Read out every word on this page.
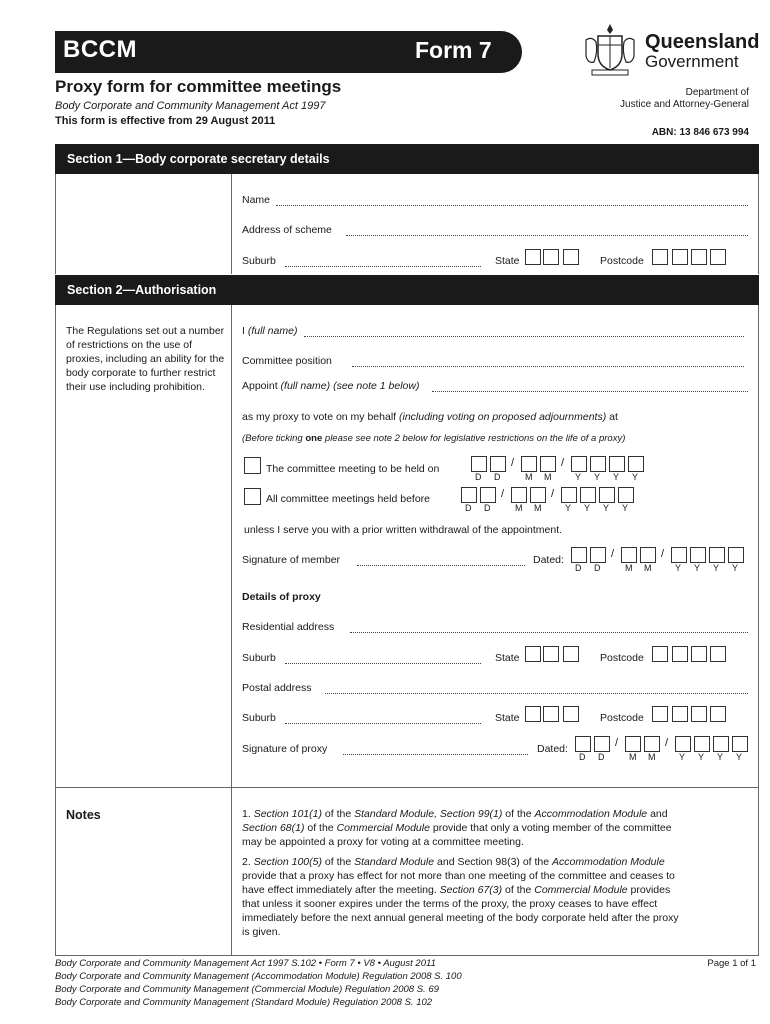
BCCM	Form 7	Queensland
Government
Proxy form for committee meetings
Body Corporate and Community Management Act 1997
This form is effective from 29 August 2011
Department of
Justice and Attorney-General
ABN: 13 846 673 994
Section 1—Body corporate secretary details
Name
Address of scheme
Suburb	State	Postcode
Section 2—Authorisation
The Regulations set out a number of restrictions on the use of proxies, including an ability for the body corporate to further restrict their use including prohibition.
I (full name)
Committee position
Appoint (full name) (see note 1 below)
as my proxy to vote on my behalf (including voting on proposed adjournments) at
(Before ticking one please see note 2 below for legislative restrictions on the life of a proxy)
The committee meeting to be held on
D D	M M	Y Y Y Y
/	/
All committee meetings held before
D D	M M	Y Y Y Y
/	/
unless I serve you with a prior written withdrawal of the appointment.
Signature of member	Dated:
D D	M M	Y Y Y Y
/	/
Details of proxy
Residential address
Suburb	State	Postcode
Postal address
Suburb	State	Postcode
Signature of proxy	Dated:
D D	M M	Y Y Y Y
/	/
Notes	1. Section 101(1) of the Standard Module, Section 99(1) of the Accommodation Module and
Section 68(1) of the Commercial Module provide that only a voting member of the committee
may be appointed a proxy for voting at a committee meeting.
2. Section 100(5) of the Standard Module and Section 98(3) of the Accommodation Module
provide that a proxy has effect for not more than one meeting of the committee and ceases to
have effect immediately after the meeting. Section 67(3) of the Commercial Module provides
that unless it sooner expires under the terms of the proxy, the proxy ceases to have effect
immediately before the next annual general meeting of the body corporate held after the proxy
is given.
Body Corporate and Community Management Act 1997 S.102 • Form 7 • V8 • August 2011
Body Corporate and Community Management (Accommodation Module) Regulation 2008 S. 100
Body Corporate and Community Management (Commercial Module) Regulation 2008 S. 69
Body Corporate and Community Management (Standard Module) Regulation 2008 S. 102
Page 1 of 1
